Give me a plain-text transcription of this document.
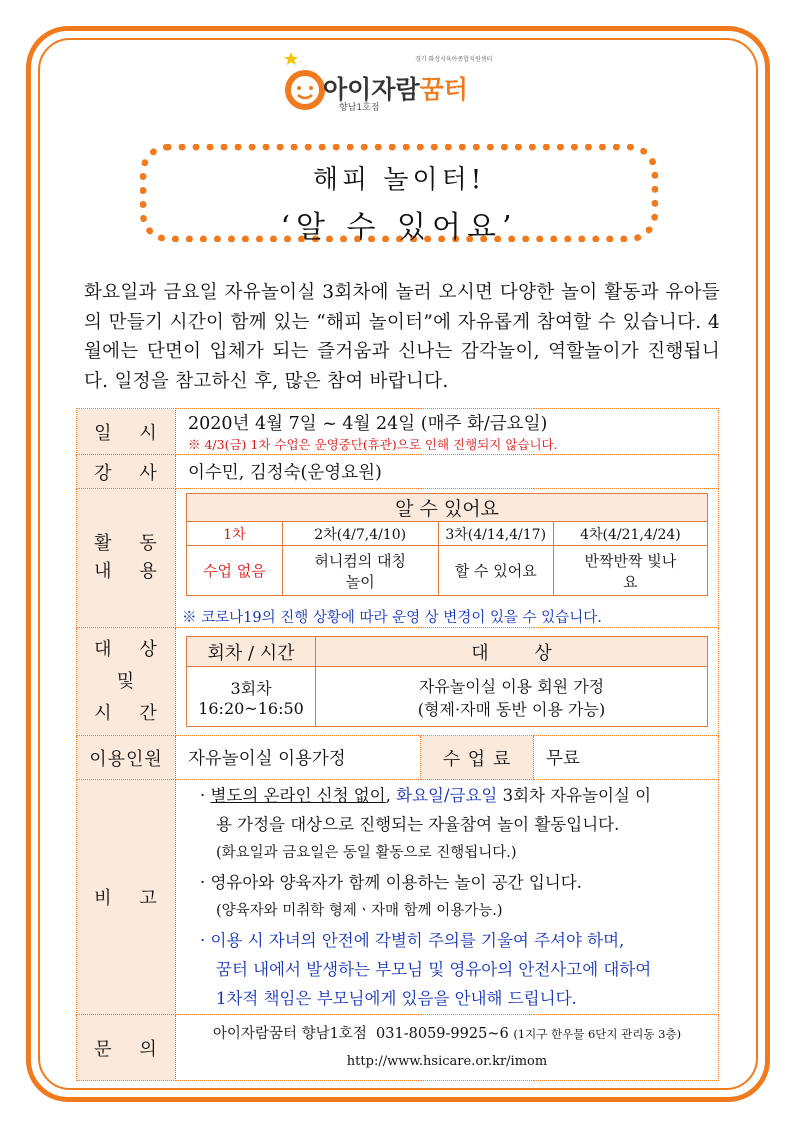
경기 화성시육아종합지원센터
아이자람꿈터
향남1호점
해피 놀이터!
‘알 수 있어요’
화요일과 금요일 자유놀이실 3회차에 놀러 오시면 다양한 놀이 활동과 유아들의 만들기 시간이 함께 있는 “해피 놀이터”에 자유롭게 참여할 수 있습니다. 4월에는 단면이 입체가 되는 즐거움과 신나는 감각놀이, 역할놀이가 진행됩니다. 일정을 참고하신 후, 많은 참여 바랍니다.
일    시	2020년 4월 7일 ~ 4월 24일 (매주 화/금요일)
※ 4/3(금) 1차 수업은 운영중단(휴관)으로 인해 진행되지 않습니다.

강    사	이수민, 김정숙(운영요원)

활    동
내    용

알 수 있어요
1차	2차(4/7,4/10)	3차(4/14,4/17)	4차(4/21,4/24)
수업 없음	허니컴의 대칭놀이	할 수 있어요	반짝반짝 빛나요
※ 코로나19의 진행 상황에 따라 운영 상 변경이 있을 수 있습니다.

대    상
및
시    간

회차 / 시간	대        상

3회차
16:20~16:50

자유놀이실 이용 회원 가정
(형제·자매 동반 이용 가능)

이용인원	자유놀이실 이용가정	수 업 료	무료
비    고	

· 별도의 온라인 신청 없이, 화요일/금요일 3회차 자유놀이실 이

용 가정을 대상으로 진행되는 자율참여 놀이 활동입니다.

(화요일과 금요일은 동일 활동으로 진행됩니다.)

· 영유아와 양육자가 함께 이용하는 놀이 공간 입니다.

(양육자와 미취학 형제ㆍ자매 함께 이용가능.)

· 이용 시 자녀의 안전에 각별히 주의를 기울여 주셔야 하며,

꿈터 내에서 발생하는 부모님 및 영유아의 안전사고에 대하여

1차적 책임은 부모님에게 있음을 안내해 드립니다.

문    의	
아이자람꿈터 향남1호점  031-8059-9925~6 (1지구 한우물 6단지 관리동 3층)
http://www.hsicare.or.kr/imom
